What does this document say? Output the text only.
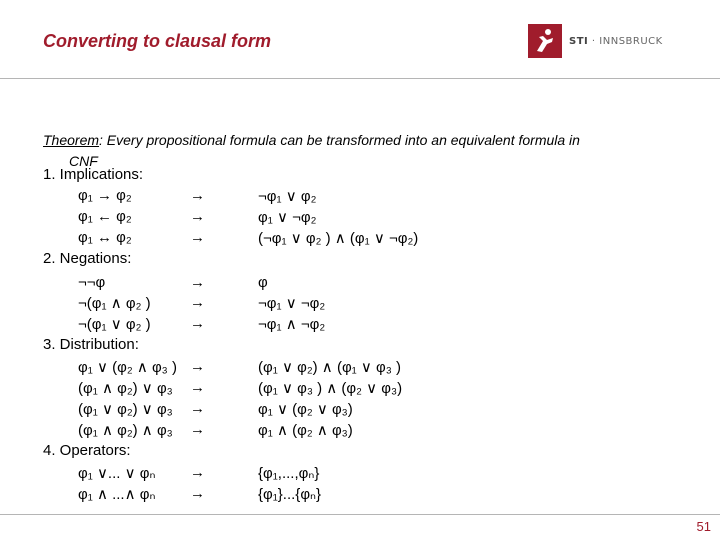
Converting to clausal form	STI · INNSBRUCK
Theorem: Every propositional formula can be transformed into an equivalent formula in
CNF
1. Implications:
φ₁ → φ₂	→	¬φ₁ ∨ φ₂
φ₁ ← φ₂	→	φ₁ ∨ ¬φ₂
φ₁ ↔ φ₂	→	(¬φ₁ ∨ φ₂ ) ∧ (φ₁ ∨ ¬φ₂)
2. Negations:
¬¬φ	→	φ
¬(φ₁ ∧ φ₂ )	→	¬φ₁ ∨ ¬φ₂
¬(φ₁ ∨ φ₂ )	→	¬φ₁ ∧ ¬φ₂
3. Distribution:
φ₁ ∨ (φ₂ ∧ φ₃ ) →	(φ₁ ∨ φ₂) ∧ (φ₁ ∨ φ₃ )
(φ₁ ∧ φ₂) ∨ φ₃ →	(φ₁ ∨ φ₃ ) ∧ (φ₂ ∨ φ₃)
(φ₁ ∨ φ₂) ∨ φ₃ →	φ₁ ∨ (φ₂ ∨ φ₃)
(φ₁ ∧ φ₂) ∧ φ₃ →	φ₁ ∧ (φ₂ ∧ φ₃)
4. Operators:
φ₁ ∨... ∨ φₙ →	{φ₁,...,φₙ}
φ₁ ∧ ...∧ φₙ →	{φ₁}...{φₙ}
51
